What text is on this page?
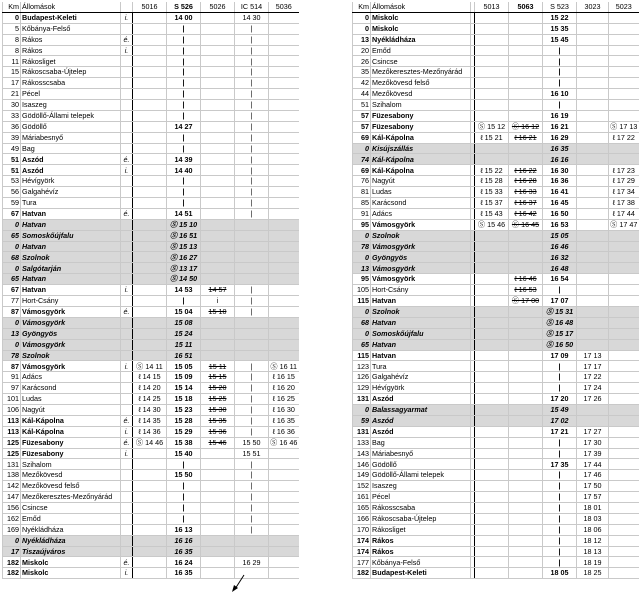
Km	Állomások		5016	S 526	5026	IC 514	5036
0	Budapest-Keleti	i.		14 00		14 30	
5	Kőbánya-Felső			|		|	
8	Rákos	é.		|		|	
8	Rákos	i.		|		|	
11	Rákosliget			|		|	
15	Rákoscsaba-Újtelep			|		|	
17	Rákosscsaba			|		|	
21	Pécel			|		|	
30	Isaszeg			|		|	
33	Gödöllő-Állami telepek			|		|	
36	Gödöllő			14 27		|	
39	Máriabesnyő			|		|	
49	Bag			|		|	
51	Aszód	é.		14 39		|	
51	Aszód	i.		14 40		|	
53	Hévígyörk			|		|	
56	Galgahévíz			|		|	
59	Tura			|		|	
67	Hatvan	é.		14 51		|	
0	Hatvan			Ⓢ 15 10			
65	Somoskőújfalu			Ⓢ 16 51			
0	Hatvan			Ⓢ 15 13			
68	Szolnok			Ⓢ 16 27			
0	Salgótarján			Ⓢ 13 17			
65	Hatvan			Ⓢ 14 50			
67	Hatvan	i.		14 53	14 57	|	
77	Hort-Csány			|	i	|	
87	Vámosgyörk	é.		15 04	15 10	|	
0	Vámosgyörk			15 08			
13	Gyöngyös			15 24			
0	Vámosgyörk			15 11			
78	Szolnok			16 51			
87	Vámosgyörk	i.	Ⓢ 14 11	15 05	15 11	|	Ⓢ 16 11
91	Adács		ℓ 14 15	15 09	15 15	|	ℓ 16 15
97	Karácsond		ℓ 14 20	15 14	15 20	|	ℓ 16 20
101	Ludas		ℓ 14 25	15 18	15 25	|	ℓ 16 25
106	Nagyút		ℓ 14 30	15 23	15 30	|	ℓ 16 30
113	Kál-Kápolna	é.	ℓ 14 35	15 28	15 35	|	ℓ 16 35
113	Kál-Kápolna	i.	ℓ 14 36	15 29	15 36	|	ℓ 16 36
125	Füzesabony	é.	Ⓢ 14 46	15 38	15 46	15 50	Ⓢ 16 46
125	Füzesabony	i.		15 40		15 51	
131	Szihalom			|		|	
138	Mezőkövesd			15 50		|	
142	Mezőkövesd felső			|		|	
147	Mezőkeresztes-Mezőnyárád			|		|	
156	Csincse			|		|	
162	Emőd			|		|	
169	Nyékládháza			16 13		|	
0	Nyékládháza			16 16			
17	Tiszaújváros			16 35			
182	Miskolc	é.		16 24		16 29	
182	Miskolc	i.		16 35			
Km	Állomások		5013	5063	S 523	3023	5023
0	Miskolc				15 22		
0	Miskolc				15 35		
13	Nyékládháza				15 45		
20	Emőd				|		
26	Csincse				|		
35	Mezőkeresztes-Mezőnyárád				|		
42	Mezőkövesd felső				|		
44	Mezőkövesd				16 10		
51	Szihalom				|		
57	Füzesabony				16 19		
57	Füzesabony		Ⓢ 15 12	Ⓢ 16 12	16 21		Ⓢ 17 13
69	Kál-Kápolna		ℓ 15 21	ℓ 16 21	16 29		ℓ 17 22
0	Kisújszállás				16 35		
74	Kál-Kápolna				16 16		
69	Kál-Kápolna		ℓ 15 22	ℓ 16 22	16 30		ℓ 17 23
76	Nagyút		ℓ 15 28	ℓ 16 28	16 36		ℓ 17 29
81	Ludas		ℓ 15 33	ℓ 16 33	16 41		ℓ 17 34
85	Karácsond		ℓ 15 37	ℓ 16 37	16 45		ℓ 17 38
91	Adács		ℓ 15 43	ℓ 16 42	16 50		ℓ 17 44
95	Vámosgyörk		Ⓢ 15 46	Ⓢ 16 45	16 53		Ⓢ 17 47
0	Szolnok				15 05		
78	Vámosgyörk				16 46		
0	Gyöngyös				16 32		
13	Vámosgyörk				16 48		
95	Vámosgyörk			ℓ 16 46	16 54		
105	Hort-Csány			ℓ 16 53	|		
115	Hatvan			Ⓢ 17 00	17 07		
0	Szolnok				Ⓢ 15 31		
68	Hatvan				Ⓢ 16 48		
0	Somoskőújfalu				Ⓢ 15 17		
65	Hatvan				Ⓢ 16 50		
115	Hatvan				17 09	17 13	
123	Tura				|	17 17	
126	Galgahévíz				|	17 22	
129	Hévígyörk				|	17 24	
131	Aszód				17 20	17 26	
0	Balassagyarmat				15 49		
59	Aszód				17 02		
131	Aszód				17 21	17 27	
133	Bag				|	17 30	
143	Máriabesnyő				|	17 39	
146	Gödöllő				17 35	17 44	
149	Gödöllő-Állami telepek				|	17 46	
152	Isaszeg				|	17 50	
161	Pécel				|	17 57	
165	Rákosscsaba				|	18 01	
166	Rákoscsaba-Újtelep				|	18 03	
170	Rákosliget				|	18 06	
174	Rákos				|	18 12	
174	Rákos				|	18 13	
177	Kőbánya-Felső				|	18 19	
182	Budapest-Keleti				18 05	18 25	
